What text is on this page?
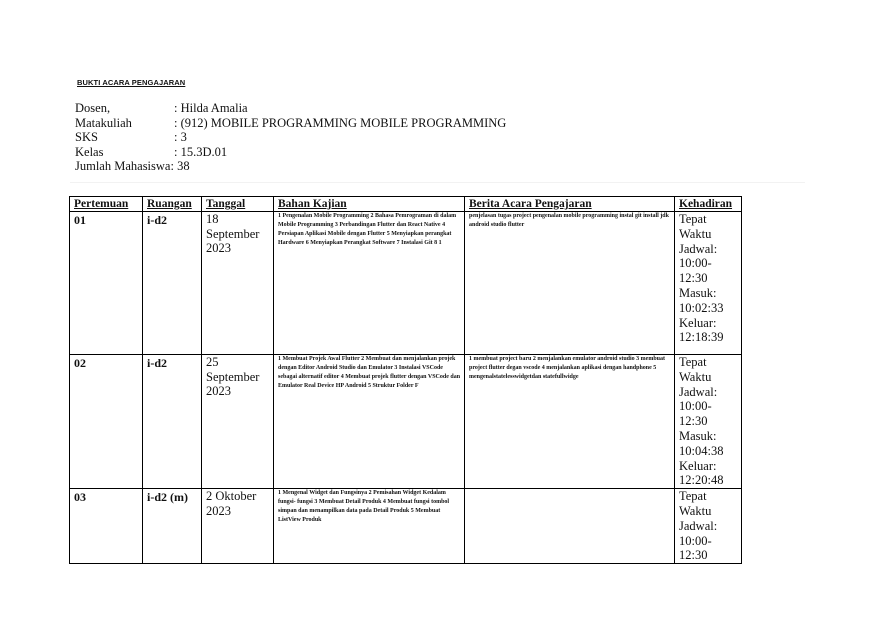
BUKTI ACARA PENGAJARAN
Dosen,	: Hilda Amalia
Matakuliah	: (912) MOBILE PROGRAMMING MOBILE PROGRAMMING
SKS	: 3
Kelas	: 15.3D.01
Jumlah Mahasiswa : 38
Pertemuan	Ruangan	Tanggal	Bahan Kajian	Berita Acara Pengajaran	Kehadiran
01	i-d2	18 September 2023	1 Pengenalan Mobile Programming 2 Bahasa Pemrograman di dalam Mobile Programming 3 Perbandingan Flutter dan React Native 4 Persiapan Aplikasi Mobile dengan Flutter 5 Menyiapkan perangkat Hardware 6 Menyiapkan Perangkat Software 7 Instalasi Git 8 1	penjelasan tugas project pengenalan mobile programming instal git install jdk android studio flutter	Tepat Waktu Jadwal: 10:00-12:30 Masuk: 10:02:33 Keluar: 12:18:39
02	i-d2	25 September 2023	1 Membuat Projek Awal Flutter 2 Membuat dan menjalankan projek dengan Editor Android Studio dan Emulator 3 Instalasi VSCode sebagai alternatif editor 4 Membuat projek flutter dengan VSCode dan Emulator Real Device HP Android 5 Struktur Folder F	1 membuat project baru 2 menjalankan emulator android studio 3 membuat project flutter degan vscode 4 menjalankan aplikasi dengan handphone 5 mengenalstatelesswidgetdan statefullwidge	Tepat Waktu Jadwal: 10:00-12:30 Masuk: 10:04:38 Keluar: 12:20:48
03	i-d2 (m)	2 Oktober 2023	1 Mengenal Widget dan Fungsinya 2 Pemisahan Widget Kedalam fungsi- fungsi 3 Membuat Detail Produk 4 Membuat fungsi tombol simpan dan menampilkan data pada Detail Produk 5 Membuat ListView Produk		Tepat Waktu Jadwal: 10:00-12:30
